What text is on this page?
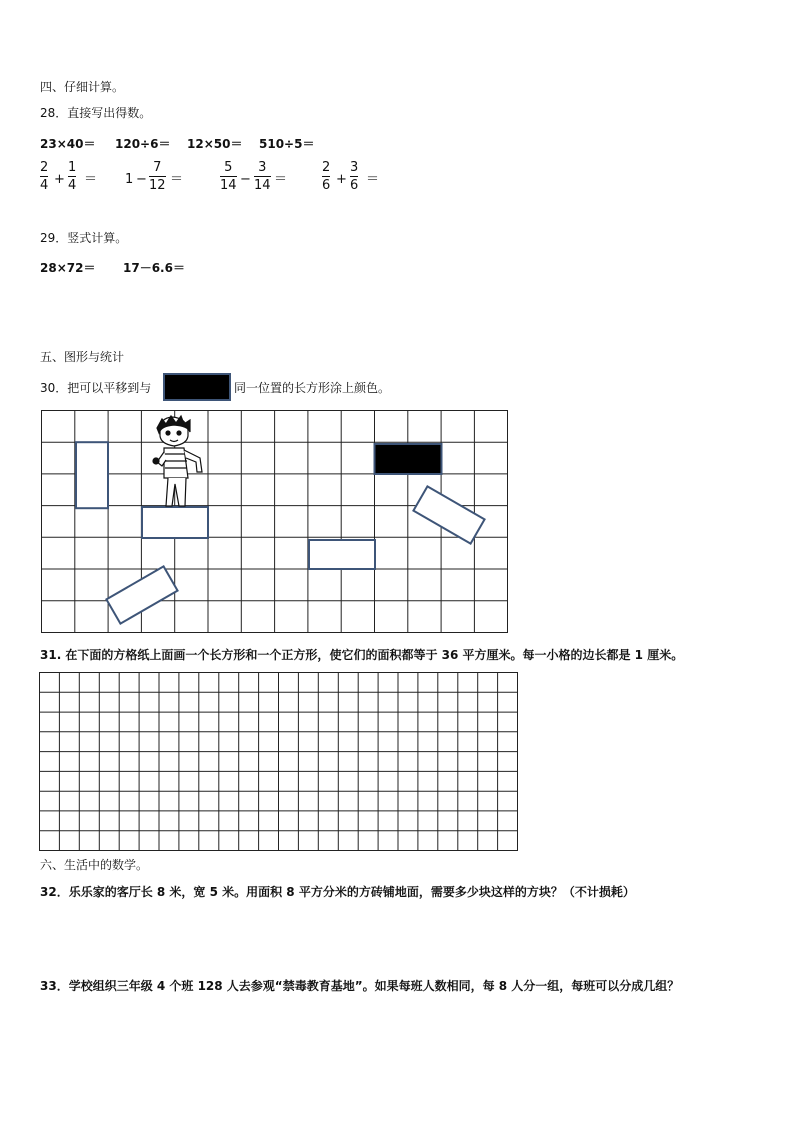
四、仔细计算。
28．直接写出得数。
23×40＝ 120÷6＝ 12×50＝ 510÷5＝
2
4 +
1
4 ＝ 1 −
7
12 ＝
5
14 −
3
14 ＝
2
6 +
3
6 ＝
29．竖式计算。
28×72＝ 17－6.6＝
五、图形与统计
30．把可以平移到与	同一位置的长方形涂上颜色。
31. 在下面的方格纸上面画一个长方形和一个正方形，使它们的面积都等于 36 平方厘米。每一小格的边长都是 1 厘米。
六、生活中的数学。
32．乐乐家的客厅长 8 米，宽 5 米。用面积 8 平方分米的方砖铺地面，需要多少块这样的方块？（不计损耗）
33．学校组织三年级 4 个班 128 人去参观“禁毒教育基地”。如果每班人数相同，每 8 人分一组，每班可以分成几组？
